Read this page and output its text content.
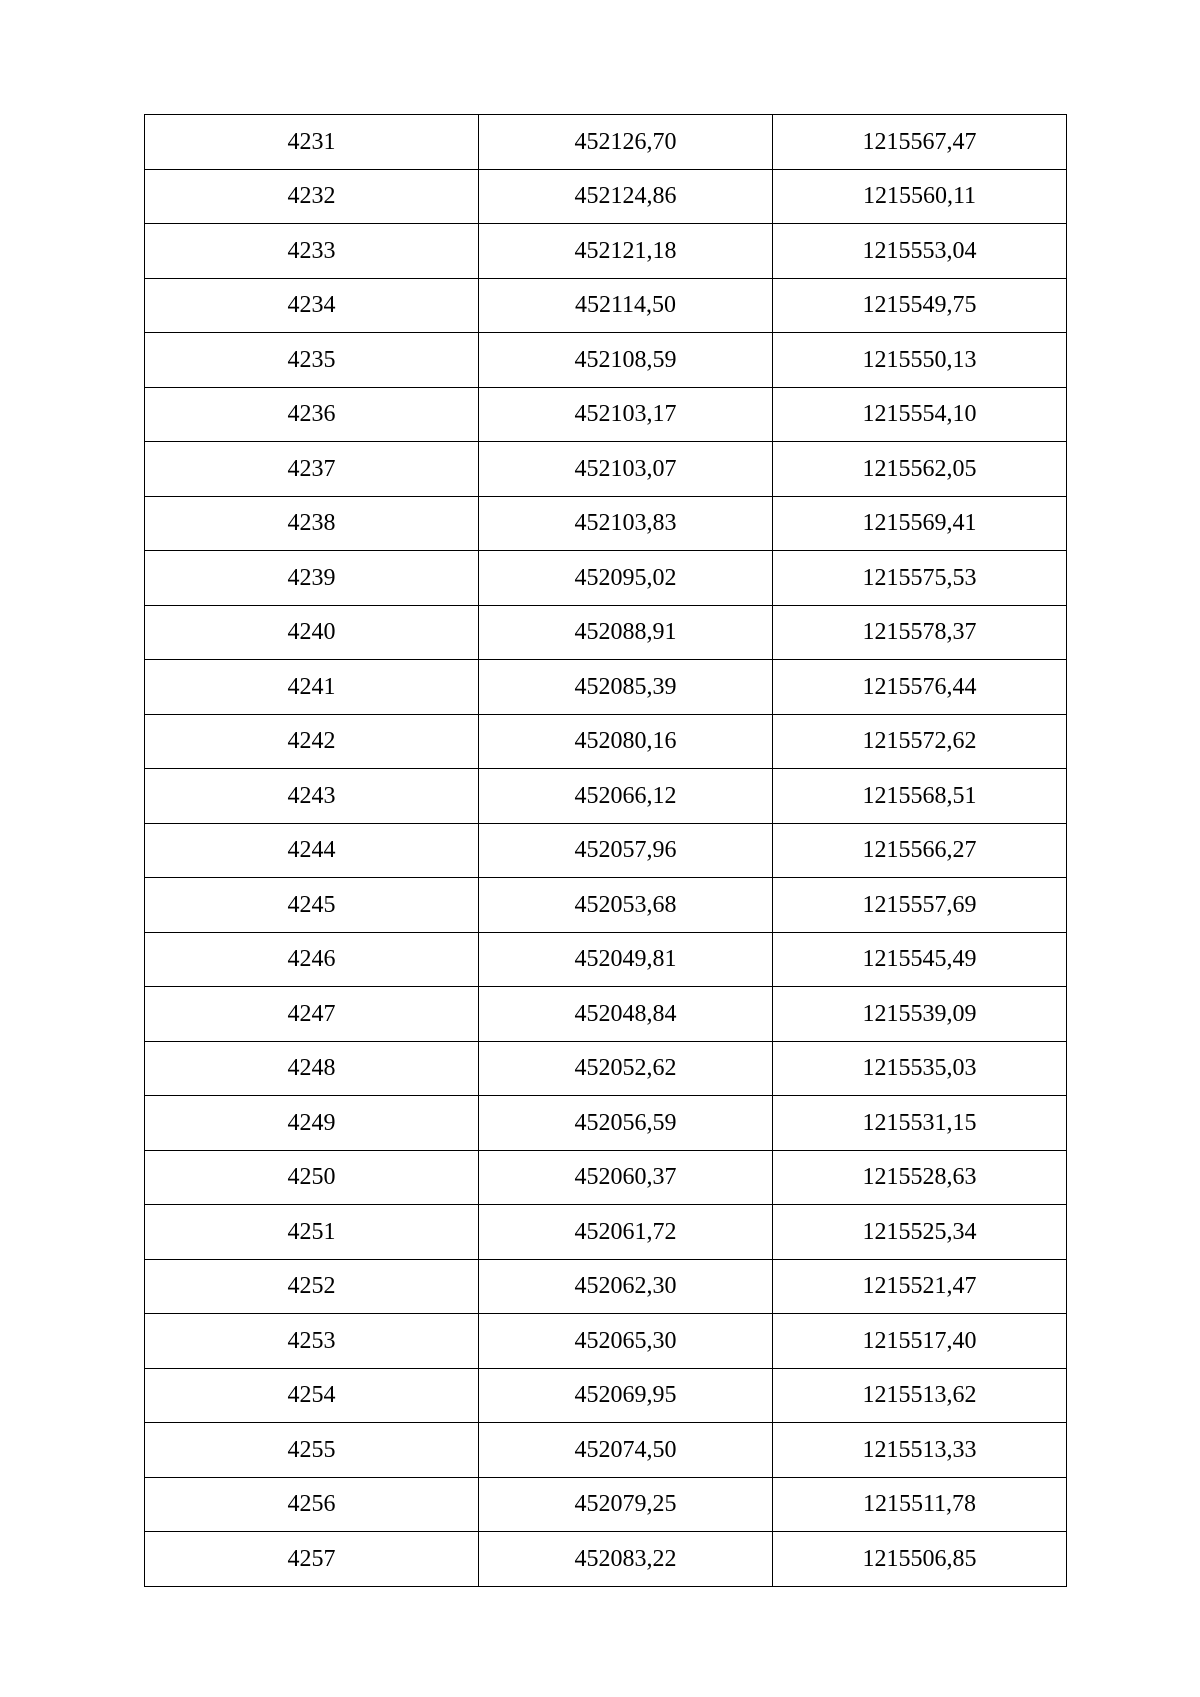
4231	452126,70	1215567,47
4232	452124,86	1215560,11
4233	452121,18	1215553,04
4234	452114,50	1215549,75
4235	452108,59	1215550,13
4236	452103,17	1215554,10
4237	452103,07	1215562,05
4238	452103,83	1215569,41
4239	452095,02	1215575,53
4240	452088,91	1215578,37
4241	452085,39	1215576,44
4242	452080,16	1215572,62
4243	452066,12	1215568,51
4244	452057,96	1215566,27
4245	452053,68	1215557,69
4246	452049,81	1215545,49
4247	452048,84	1215539,09
4248	452052,62	1215535,03
4249	452056,59	1215531,15
4250	452060,37	1215528,63
4251	452061,72	1215525,34
4252	452062,30	1215521,47
4253	452065,30	1215517,40
4254	452069,95	1215513,62
4255	452074,50	1215513,33
4256	452079,25	1215511,78
4257	452083,22	1215506,85
